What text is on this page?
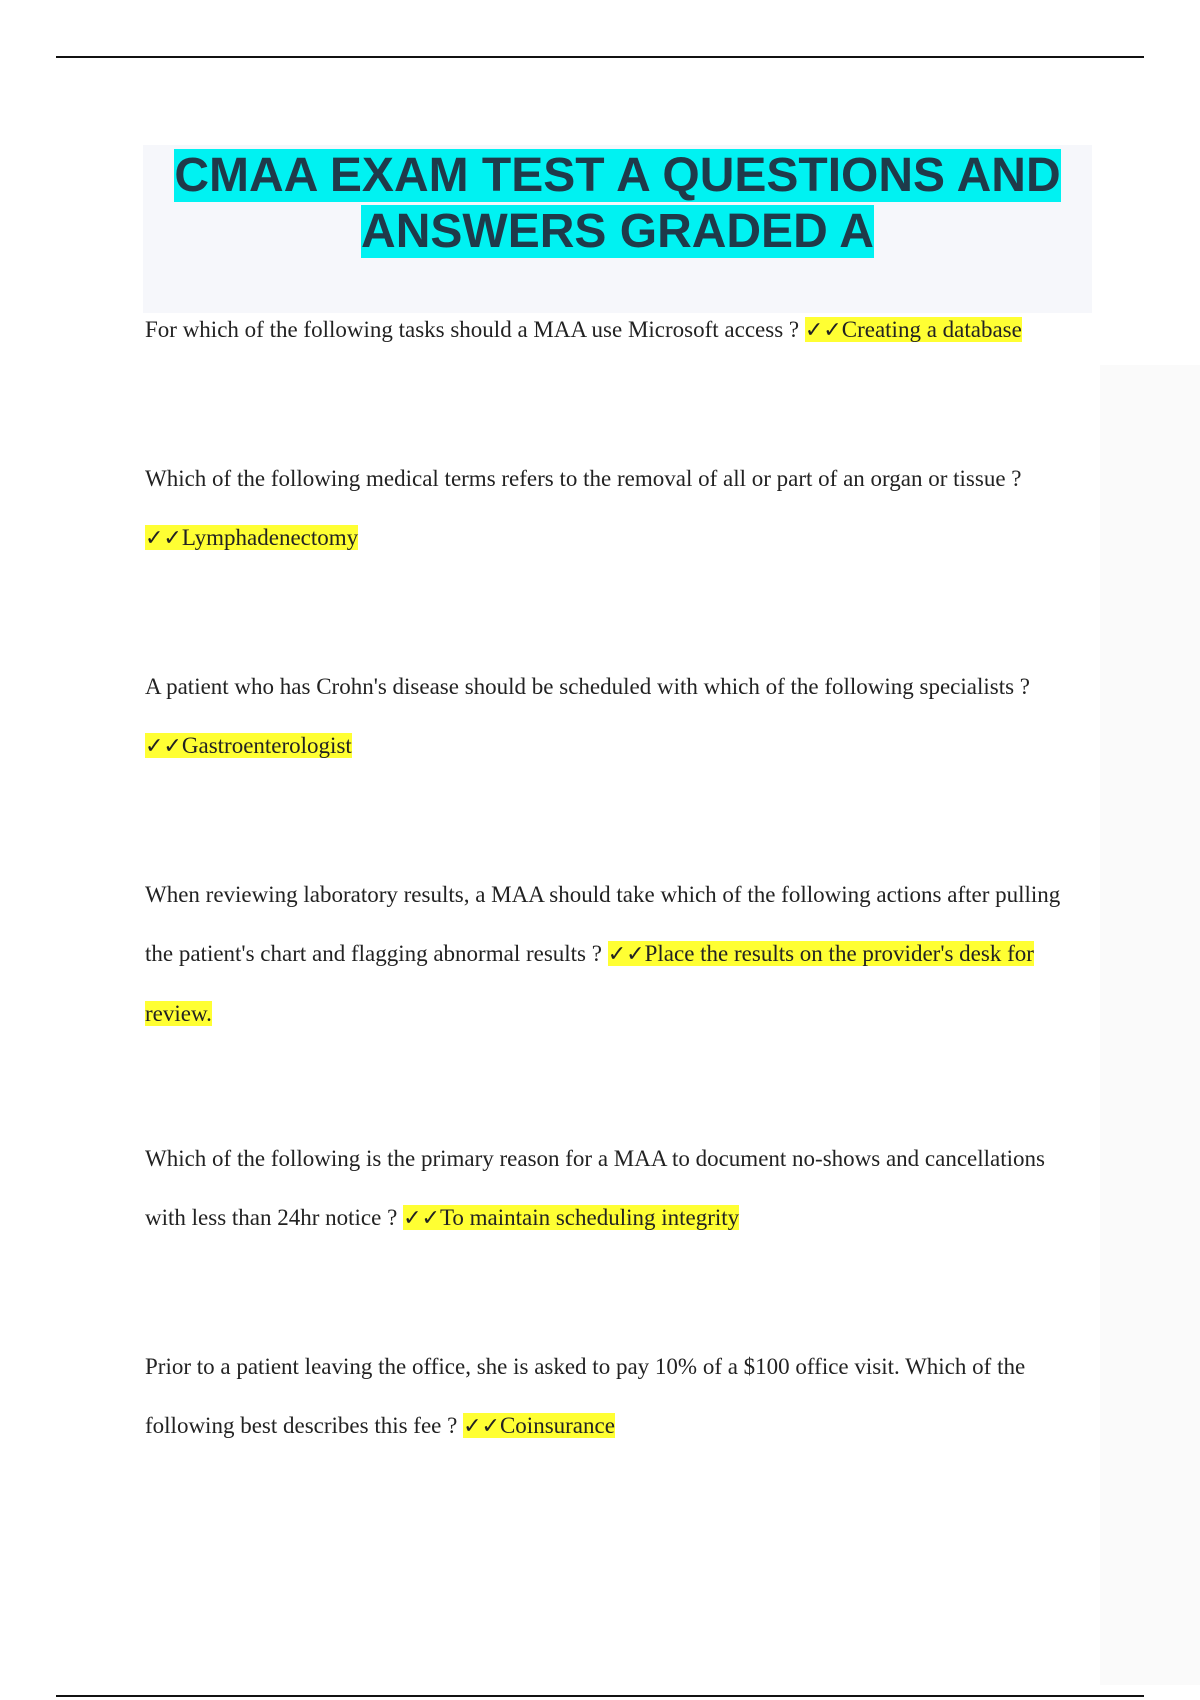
CMAA EXAM TEST A QUESTIONS AND ANSWERS GRADED A

For which of the following tasks should a MAA use Microsoft access ? ✓✓Creating a database

Which of the following medical terms refers to the removal of all or part of an organ or tissue ? ✓✓Lymphadenectomy

A patient who has Crohn's disease should be scheduled with which of the following specialists ? ✓✓Gastroenterologist

When reviewing laboratory results, a MAA should take which of the following actions after pulling the patient's chart and flagging abnormal results ? ✓✓Place the results on the provider's desk for review.

Which of the following is the primary reason for a MAA to document no-shows and cancellations with less than 24hr notice ? ✓✓To maintain scheduling integrity

Prior to a patient leaving the office, she is asked to pay 10% of a $100 office visit. Which of the following best describes this fee ? ✓✓Coinsurance
